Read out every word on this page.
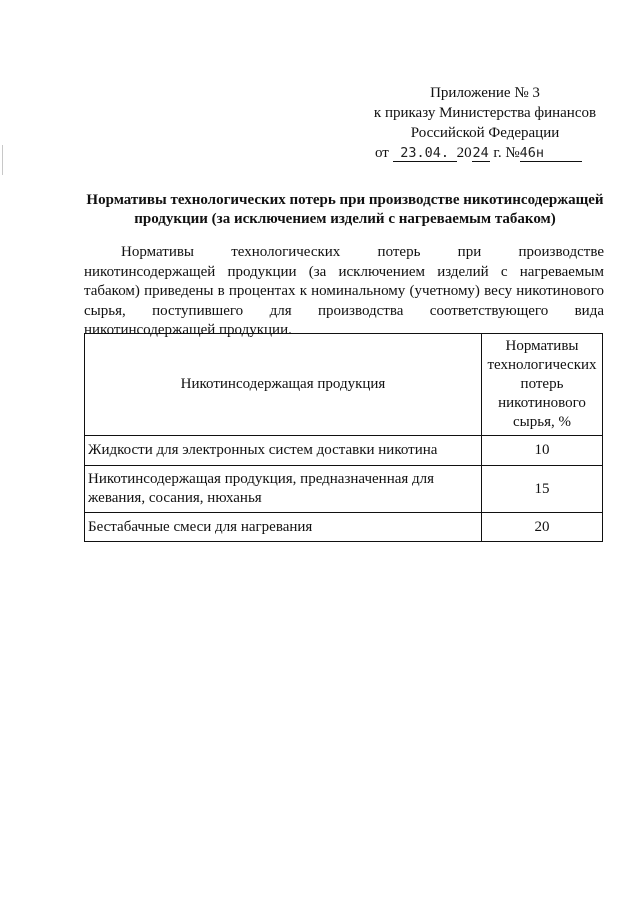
Приложение № 3
к приказу Министерства финансов
Российской Федерации
от 23.04. 2024 г. №46н
Нормативы технологических потерь при производстве никотинсодержащей
продукции (за исключением изделий с нагреваемым табаком)
Нормативы технологических потерь при производстве никотинсодержащей продукции (за исключением изделий с нагреваемым табаком) приведены в процентах к номинальному (учетному) весу никотинового сырья, поступившего для производства соответствующего вида никотинсодержащей продукции.
Никотинсодержащая продукция	Нормативы технологических потерь никотинового сырья, %
Жидкости для электронных систем доставки никотина	10
Никотинсодержащая продукция, предназначенная для жевания, сосания, нюханья	15
Бестабачные смеси для нагревания	20
